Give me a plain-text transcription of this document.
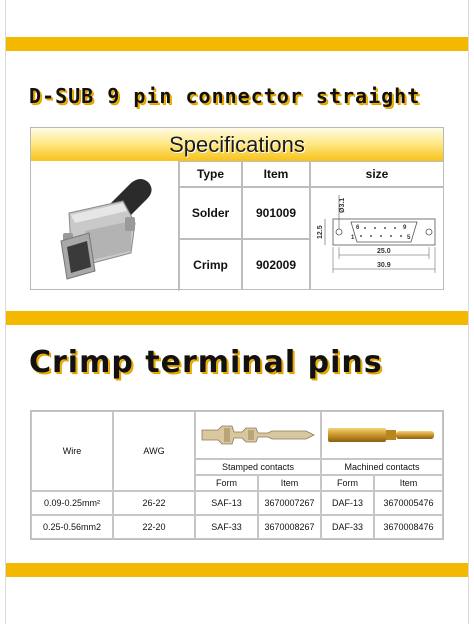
D-SUB 9 pin connector straight
Specifications
Type	Item	size
Solder	901009
Crimp	902009
6	9
1	5
Ø3.1
12.5
25.0
30.9
Crimp terminal pins
Wire	AWG
Stamped contacts	Machined contacts
Form	Item	Form	Item
0.09-0.25mm²	26-22	SAF-13	3670007267	DAF-13	3670005476
0.25-0.56mm2	22-20	SAF-33	3670008267	DAF-33	3670008476
